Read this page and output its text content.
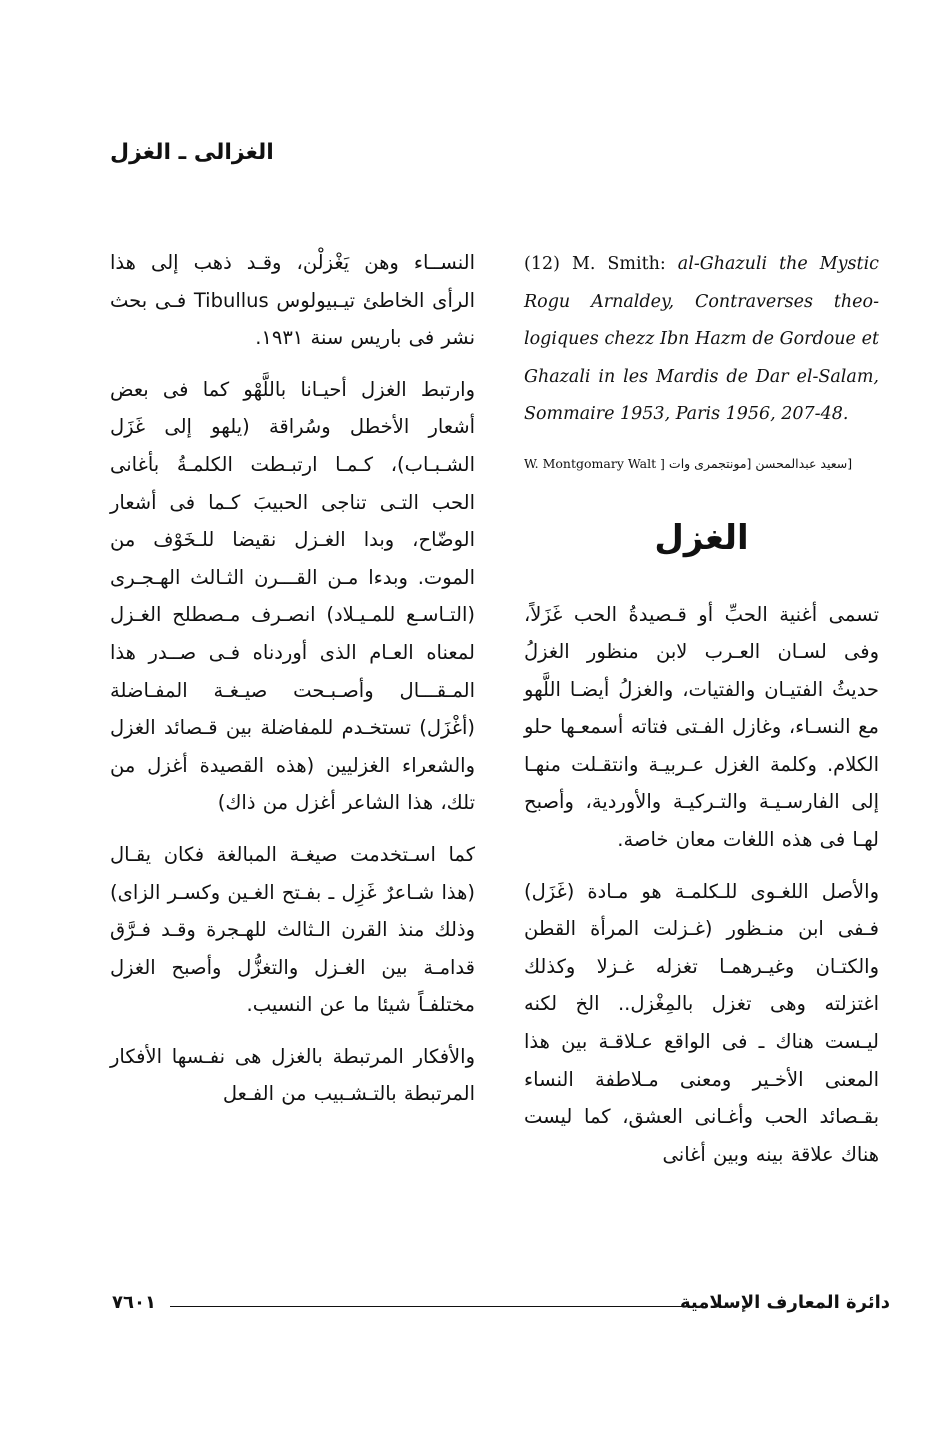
الغزالى ـ الغزل

(12) M. Smith: al-Ghazuli the Mystic Rogu Arnaldey, Contraverses theo-logiques chezz Ibn Hazm de Gordoue et Ghazali in les Mardis de Dar el-Salam, Sommaire 1953, Paris 1956, 207-48.

[سعيد عبدالمحسن [مونتجمرى وات W. Montgomary Walt ]
الغزل

تسمى أغنية الحبِّ أو قـصيدةُ الحب غَزَلاً، وفى لسـان العـرب لابن منظور الغزلُ حديثُ الفتيـان والفتيات، والغزلُ أيضـا اللَّهو مع النسـاء، وغازل الفـتى فتاته أسمعـها حلو الكلام. وكلمة الغزل عـربيـة وانتقـلت منهـا إلى الفارسـيـة والتـركيـة والأوردية، وأصبح لهـا فى هذه اللغات معان خاصة.

والأصل اللغـوى للـكلمـة هو مـادة (غَزَل) فـفى ابن منـظور (غـزلت المرأة القطن والكتـان وغيـرهمـا تغزله غـزلا وكذلك اغتزلته وهى تغزل بالمِغْزل.. الخ لكنه ليـست هناك ـ فى الواقع عـلاقـة بين هذا المعنى الأخـير ومعنى مـلاطفة النساء بقـصائد الحب وأغـانى العشق، كما ليست هناك علاقة بينه وبين أغانى

النســاء وهن يَغْزلْن، وقـد ذهب إلى هذا الرأى الخاطئ تيـبيولوس Tibullus فـى بحث نشر فى باريس سنة ١٩٣١.

وارتبط الغزل أحيـانا باللَّهْو كما فى بعض أشعار الأخطل وسُراقة (يلهو إلى غَزَل الشـبـاب)، كـمـا ارتبـطت الكلمـةُ بأغانى الحب التـى تناجى الحبيبَ كـما فى أشعار الوضّاح، وبدا الغـزل نقيضا للـخَوْف من الموت. وبدءا مـن القـــرن الثـالث الهـجـرى (التـاسـع للمـيـلاد) انصـرف مـصطلح الغـزل لمعناه العـام الذى أوردناه فـى صــدر هذا المـقـــال وأصـبـحت صيـغـة المفـاضلة (أغْزَل) تستخـدم للمفاضلة بين قـصائد الغزل والشعراء الغزليين (هذه القصيدة أغزل من تلك، هذا الشاعر أغزل من ذاك)

كما اسـتخدمت صيغـة المبالغة فكان يقـال (هذا شـاعرٌ غَزِل ـ بفـتح الغـين وكسـر الزاى) وذلك منذ القرن الـثالث للهـجرة وقـد فـرَّق قدامـة بين الغـزل والتغزُّل وأصبح الغزل مختلفـاً شيئا ما عن النسيب.

والأفكار المرتبطة بالغزل هى نفـسها الأفكار المرتبطة بالتـشـبيب من الفـعل

دائرة المعارف الإسلامية
٧٦٠١
